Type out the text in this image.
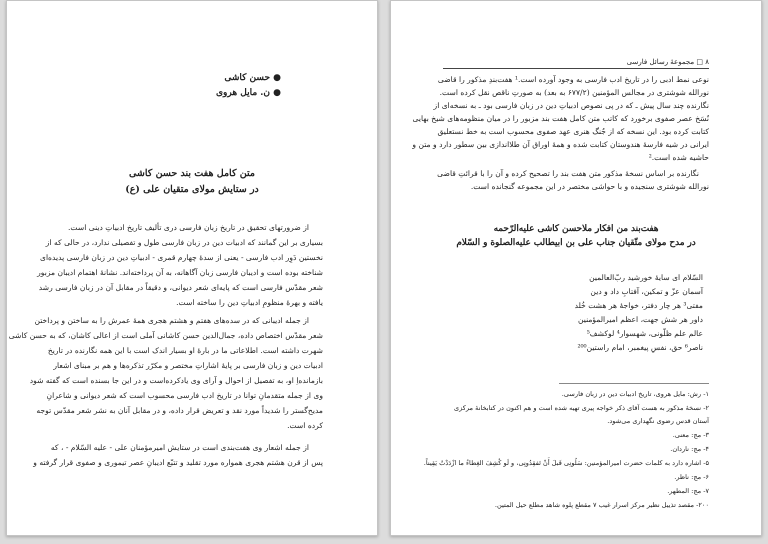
● حسن کاشی
● ن. مایل هروی
متن کامل هفت بند حسن کاشی
در ستایش مولای متقیان علی (ع)
از ضرورتهای تحقیق در تاریخ زبان فارسی دری تألیف تاریخ ادبیاتِ دینی است.
بسیاری بر این گمانند که ادبیات دین در زبان فارسی طول و تفصیلی ندارد، در حالی که از
نخستین دَوِر ادب فارسی - یعنی از سدۀ چهارم قمری - ادبیاتِ دین در زبان فارسی پدیده‌ای
شناخته بوده است و ادیبان فارسی زبان آگاهانه، به آن پرداخته‌اند. نشانۀ اهتمام ادیبان مزبور
شعر مقدّس فارسی است که پایه‌ای شعر دیوانی، و دقیقاً در مقابل آن در زبان فارسی رشد
یافته و بهرۀ منظومِ ادبیاتِ دین را ساخته است.
از جمله ادیبانی که در سده‌های هفتم و هشتم هجری همۀ عمرش را به ساختن و پرداختن
شعر مقدّس اختصاص داده، جمال‌الدین حسن کاشانی آملی است از اعالی کاشان، که به حسن کاشی
شهرت داشته است. اطلاعاتی ما در بارۀ او بسیار اندک است با این همه نگارنده در تاریخ
ادبیات دین و زبان فارسی بر پایۀ اشاراتِ مختصر و مکرّر تذکره‌ها و هم بر مبنای اشعار
بازمانده‌اِ او، به تفصیل از احوال و آرای وی یادکرده‌است و در این جا بسنده است که گفته شود
وی از جمله متقدمانِ توانا در تاریخ ادب فارسی محسوب است که شعر دیوانی و شاعرانِ
مدیح‌گستر را شدیداً مورد نقد و تعریض قرار داده، و در مقابل آنان به نشر شعر مقدّس توجه
کرده است.
از جمله اشعار وی هفت‌بندی است در ستایش امیرمؤمنان علی - علیه السّلام - ، که
پس از قرن هشتم هجری همواره مورد تقلید و تتبّع ادیبانِ عصر تیموری و صفوی قرار گرفته و
۸ □ مجموعۀ رسائل فارسی
نوعی نمط ادبی را در تاریخ ادب فارسی به وجود آورده است.¹ هفت‌بندِ مذکور را قاضی
نورالله شوشتری در مجالس المؤمنین (۶۷۷/۲ به بعد) به صورتِ ناقص نقل کرده است.
نگارنده چند سال پیش ـ که در پی نصوص ادبیاتِ دین در زبان فارسی بود ـ به نسخه‌ای از
نُسَخ عصر صفوی برخورد که کاتب متن کامل هفت بند مزبور را در میان منظومه‌های شیخ بهایی
کتابت کرده بود. این نسخه که از جُنگ هنری عهد صفوی محسوب است به خط نستعلیق
ایرانی در شیه فارسۀ هندوستان کتابت شده و همۀ اوراق آن طلااندازی بین سطور دارد و متن و
حاشیه شده است.²
نگارنده بر اساس نسخۀ مذکور متن هفت بند را تصحیح کرده و آن را با قرائتِ قاضی
نورالله شوشتری سنجیده و با حواشی مختصر در این مجموعه گنجانده است.
هفت‌بند من افکار ملاحسن کاشی علیه‌الرّحمه
در مدح مولای متّقیان جناب علی بن ابیطالب علیه‌الصلوة و السّلام
السّلام ای سایۀ خورشید ربّ‌العالمین
آسمان عزّ و تمکین، آفتابِ داد و دین
مفتی³ هر چار دفتر، خواجۀ هر هشت خُلد
داور هر شش جهت، اعظم امیرالمؤمنین
عالم علم ظلّونی، شهسوار⁴ لوکشف⁵
ناصر⁶ حق، نفسِ پیغمبر، امام راستین²⁰⁰
۱- رش: مایل هروی، تاریخ ادبیات دین در زبان فارسی.
۲- نسخۀ مذکور به هست آقای ذکر خواجه پیری تهیه شده است و هم اکنون در کتابخانۀ مرکزی
آستان قدس رضوی نگهداری می‌شود.
۳- مج: معنی.
۴- مج: ناردان.
۵- اشاره دارد به کلمات حضرت امیرالمؤمنین: سَلُونِی قَبلَ أَنْ تَفقِدُونِی، و لَو کُشِفَ الغِطاءُ ما ازْدَدْتُ یَقِیناً.
۶- مج: ناظر.
۷- مج: المطهر.
۲۰۰- مقصد تذییل نظیر مرکز اسرار غیب ۷ مقطع پلوه شاهد مطلع حیل المتین.
